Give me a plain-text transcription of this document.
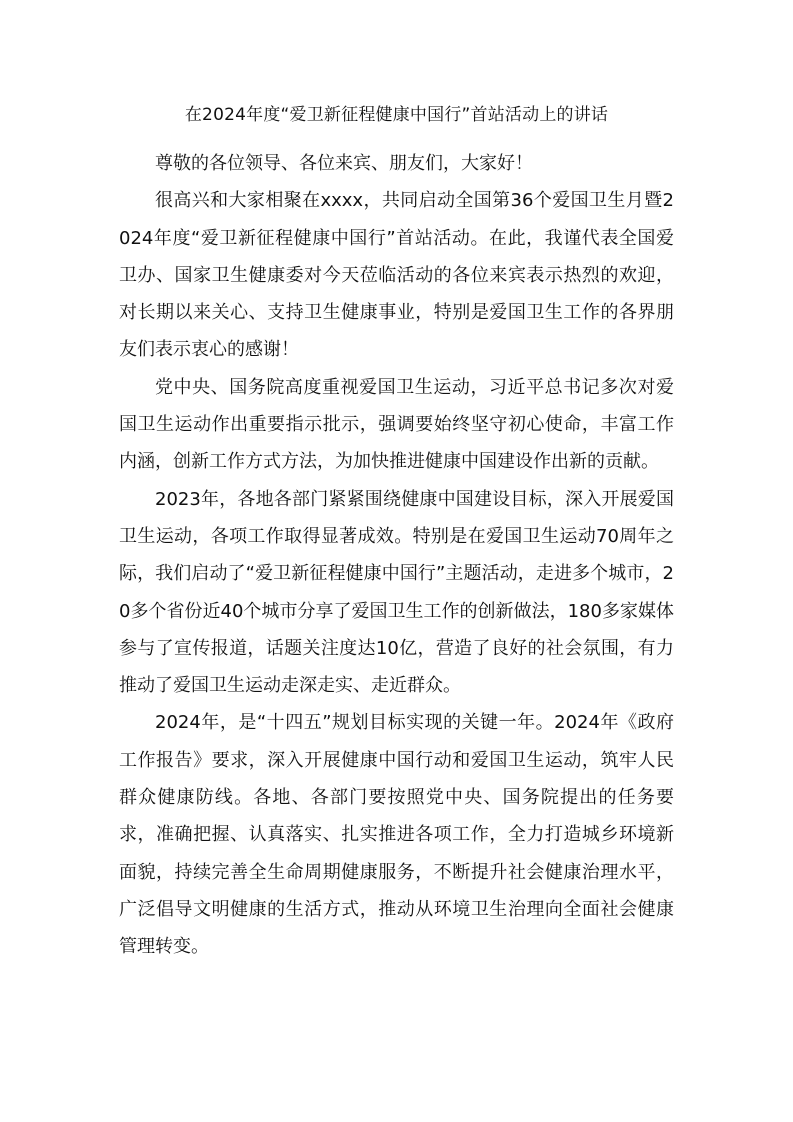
在2024年度“爱卫新征程健康中国行”首站活动上的讲话

尊敬的各位领导、各位来宾、朋友们，大家好！

很高兴和大家相聚在xxxx，共同启动全国第36个爱国卫生月暨2024年度“爱卫新征程健康中国行”首站活动。在此，我谨代表全国爱卫办、国家卫生健康委对今天莅临活动的各位来宾表示热烈的欢迎，对长期以来关心、支持卫生健康事业，特别是爱国卫生工作的各界朋友们表示衷心的感谢！

党中央、国务院高度重视爱国卫生运动，习近平总书记多次对爱国卫生运动作出重要指示批示，强调要始终坚守初心使命，丰富工作内涵，创新工作方式方法，为加快推进健康中国建设作出新的贡献。

2023年，各地各部门紧紧围绕健康中国建设目标，深入开展爱国卫生运动，各项工作取得显著成效。特别是在爱国卫生运动70周年之际，我们启动了“爱卫新征程健康中国行”主题活动，走进多个城市，20多个省份近40个城市分享了爱国卫生工作的创新做法，180多家媒体参与了宣传报道，话题关注度达10亿，营造了良好的社会氛围，有力推动了爱国卫生运动走深走实、走近群众。

2024年，是“十四五”规划目标实现的关键一年。2024年《政府工作报告》要求，深入开展健康中国行动和爱国卫生运动，筑牢人民群众健康防线。各地、各部门要按照党中央、国务院提出的任务要求，准确把握、认真落实、扎实推进各项工作，全力打造城乡环境新面貌，持续完善全生命周期健康服务，不断提升社会健康治理水平，广泛倡导文明健康的生活方式，推动从环境卫生治理向全面社会健康管理转变。
